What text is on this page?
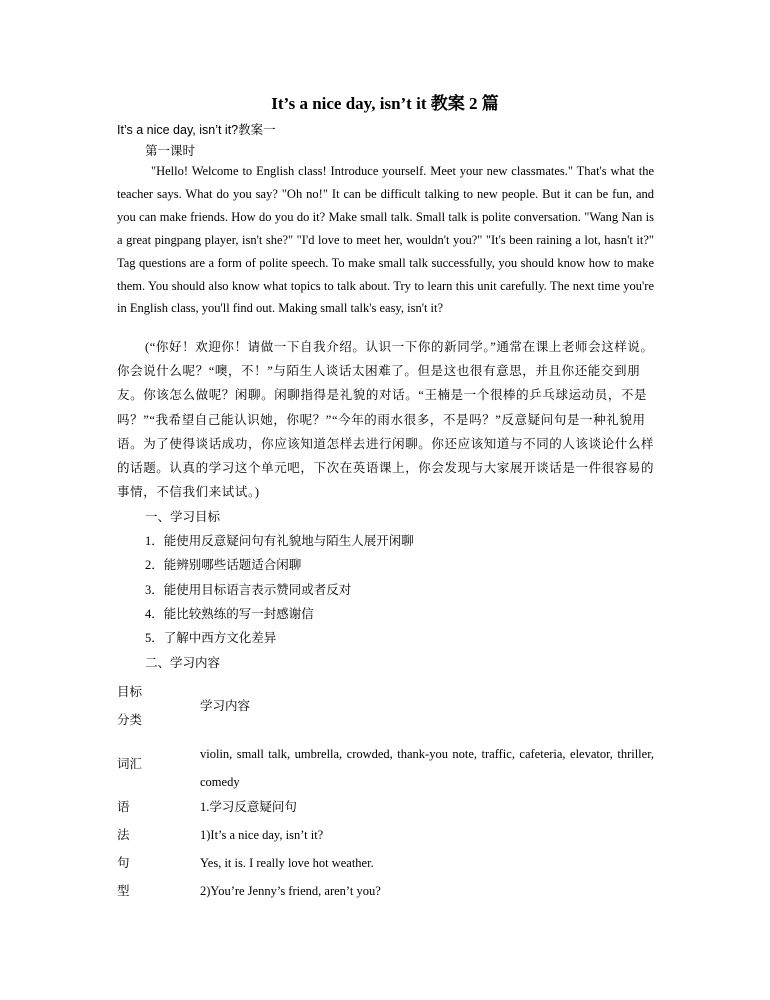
It’s a nice day, isn’t it 教案 2 篇
It’s a nice day, isn’t it?教案一
第一课时

"Hello! Welcome to English class! Introduce yourself. Meet your new classmates." That's what the teacher says. What do you say? "Oh no!" It can be difficult talking to new people. But it can be fun, and you can make friends. How do you do it? Make small talk. Small talk is polite conversation. "Wang Nan is a great pingpang player, isn't she?" "I'd love to meet her, wouldn't you?" "It's been raining a lot, hasn't it?" Tag questions are a form of polite speech. To make small talk successfully, you should know how to make them. You should also know what topics to talk about. Try to learn this unit carefully. The next time you're in English class, you'll find out. Making small talk's easy, isn't it?

(“你好！欢迎你！请做一下自我介绍。认识一下你的新同学。”通常在课上老师会这样说。你会说什么呢？“噢，不！”与陌生人谈话太困难了。但是这也很有意思，并且你还能交到朋友。你该怎么做呢？闲聊。闲聊指得是礼貌的对话。“王楠是一个很棒的乒乓球运动员，不是吗？”“我希望自己能认识她，你呢？”“今年的雨水很多，不是吗？”反意疑问句是一种礼貌用语。为了使得谈话成功，你应该知道怎样去进行闲聊。你还应该知道与不同的人该谈论什么样的话题。认真的学习这个单元吧，下次在英语课上，你会发现与大家展开谈话是一件很容易的事情，不信我们来试试。)

一、学习目标
1．能使用反意疑问句有礼貌地与陌生人展开闲聊
2．能辨别哪些话题适合闲聊
3．能使用目标语言表示赞同或者反对
4．能比较熟练的写一封感谢信
5．了解中西方文化差异
二、学习内容
目标
分类
学习内容
词汇

violin, small talk, umbrella, crowded, thank-you note, traffic, cafeteria, elevator, thriller, comedy

语
法
句
型
1.学习反意疑问句
1)It’s a nice day, isn’t it?
Yes, it is. I really love hot weather.
2)You’re Jenny’s friend, aren’t you?
